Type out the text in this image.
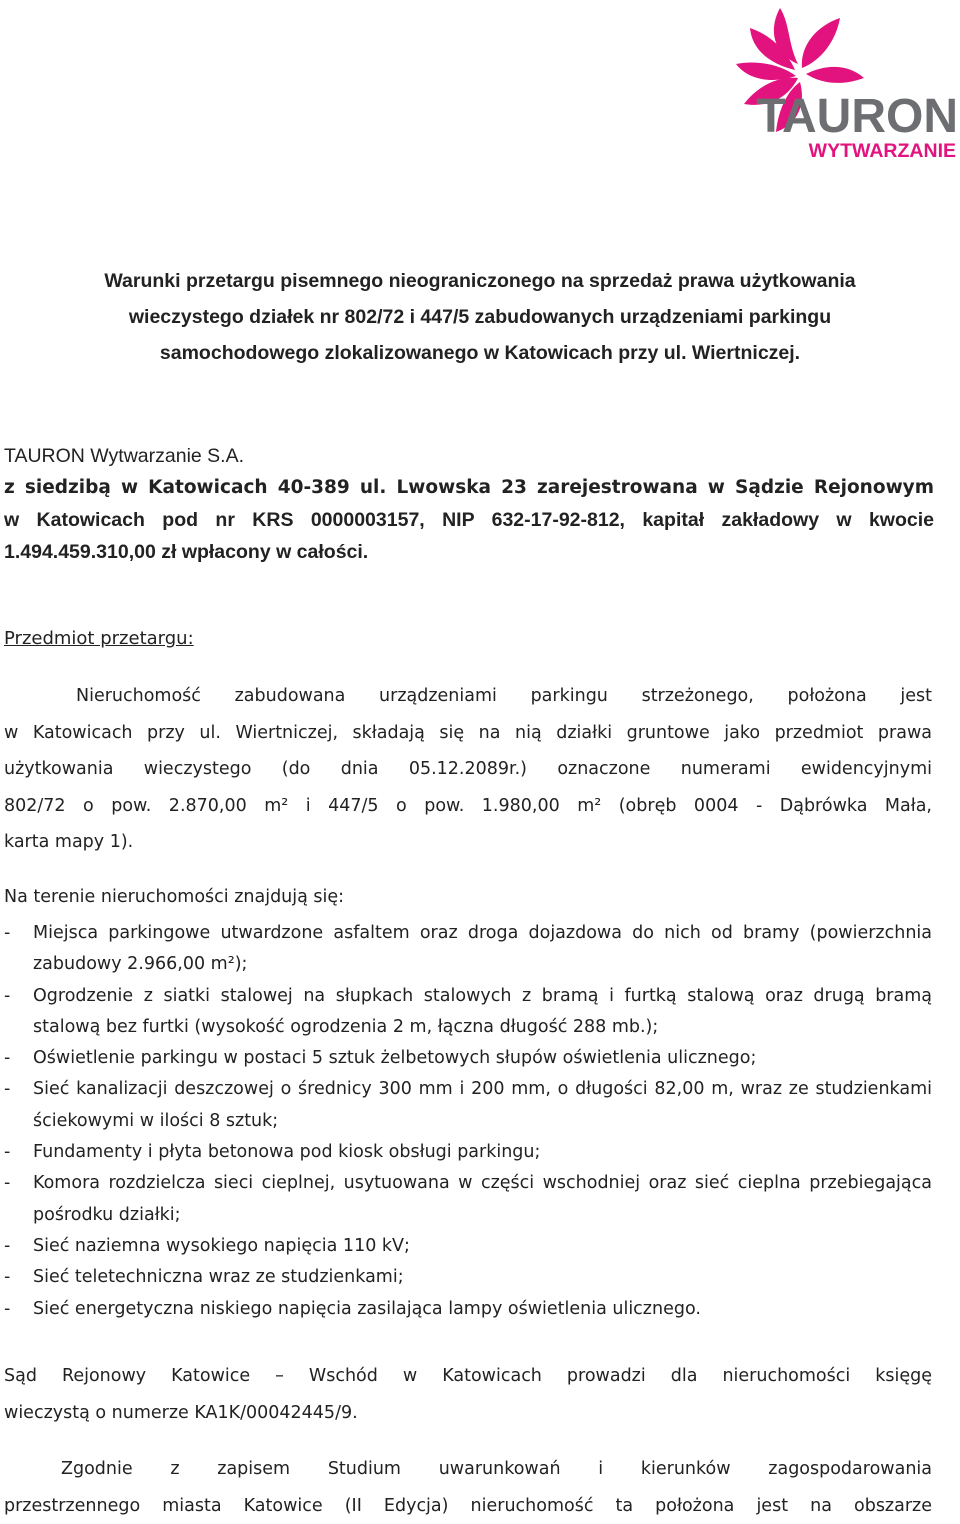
TAURON
WYTWARZANIE
Warunki przetargu pisemnego nieograniczonego na sprzedaż prawa użytkowania
wieczystego działek nr 802/72 i 447/5 zabudowanych urządzeniami parkingu
samochodowego zlokalizowanego w Katowicach przy ul. Wiertniczej.
TAURON Wytwarzanie S.A.
z siedzibą w Katowicach 40-389 ul. Lwowska 23 zarejestrowana w Sądzie Rejonowym
w Katowicach pod nr KRS 0000003157, NIP 632-17-92-812, kapitał zakładowy w kwocie
1.494.459.310,00 zł wpłacony w całości.
Przedmiot przetargu:
Nieruchomość zabudowana urządzeniami parkingu strzeżonego, położona jest
w Katowicach przy ul. Wiertniczej, składają się na nią działki gruntowe jako przedmiot prawa
użytkowania wieczystego (do dnia 05.12.2089r.) oznaczone numerami ewidencyjnymi
802/72 o pow. 2.870,00 m² i 447/5 o pow. 1.980,00 m² (obręb 0004 - Dąbrówka Mała,
karta mapy 1).
Na terenie nieruchomości znajdują się:
- Miejsca parkingowe utwardzone asfaltem oraz droga dojazdowa do nich od bramy (powierzchnia zabudowy 2.966,00 m²);
- Ogrodzenie z siatki stalowej na słupkach stalowych z bramą i furtką stalową oraz drugą bramą stalową bez furtki (wysokość ogrodzenia 2 m, łączna długość 288 mb.);
- Oświetlenie parkingu w postaci 5 sztuk żelbetowych słupów oświetlenia ulicznego;
- Sieć kanalizacji deszczowej o średnicy 300 mm i 200 mm, o długości 82,00 m, wraz ze studzienkami ściekowymi w ilości 8 sztuk;
- Fundamenty i płyta betonowa pod kiosk obsługi parkingu;
- Komora rozdzielcza sieci cieplnej, usytuowana w części wschodniej oraz sieć cieplna przebiegająca pośrodku działki;
- Sieć naziemna wysokiego napięcia 110 kV;
- Sieć teletechniczna wraz ze studzienkami;
- Sieć energetyczna niskiego napięcia zasilająca lampy oświetlenia ulicznego.
Sąd Rejonowy Katowice – Wschód w Katowicach prowadzi dla nieruchomości księgę
wieczystą o numerze KA1K/00042445/9.
Zgodnie z zapisem Studium uwarunkowań i kierunków zagospodarowania
przestrzennego miasta Katowice (II Edycja) nieruchomość ta położona jest na obszarze
